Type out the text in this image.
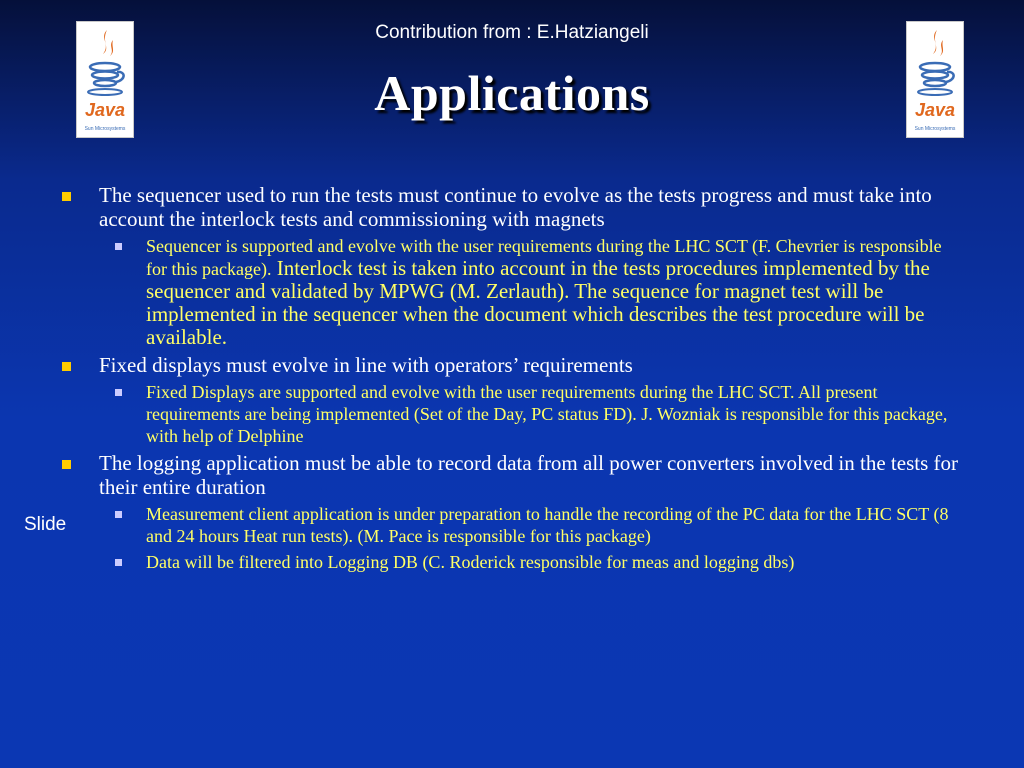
Contribution from : E.Hatziangeli
Applications
Java
Sun Microsystems
Java
Sun Microsystems
Slide
The sequencer used to run the tests must continue to evolve as the tests progress and must take into account the interlock tests and commissioning with magnets
Sequencer is supported and evolve with the user requirements during the LHC SCT (F. Chevrier is responsible for this package). Interlock test is taken into account in the tests procedures implemented by the sequencer and validated by MPWG (M. Zerlauth). The sequence for magnet test will be implemented in the sequencer when the document which describes the test procedure will be available.
Fixed displays must evolve in line with operators’ requirements
Fixed Displays are supported and evolve with the user requirements during the LHC SCT. All present requirements are being implemented (Set of the Day, PC status FD). J. Wozniak is responsible for this package, with help of Delphine
The logging application must be able to record data from all power converters involved in the tests for their entire duration
Measurement client application is under preparation to handle the recording of the PC data for the LHC SCT (8 and 24 hours Heat run tests). (M. Pace is responsible for this package)
Data will be filtered into Logging DB (C. Roderick responsible for meas and logging dbs)
